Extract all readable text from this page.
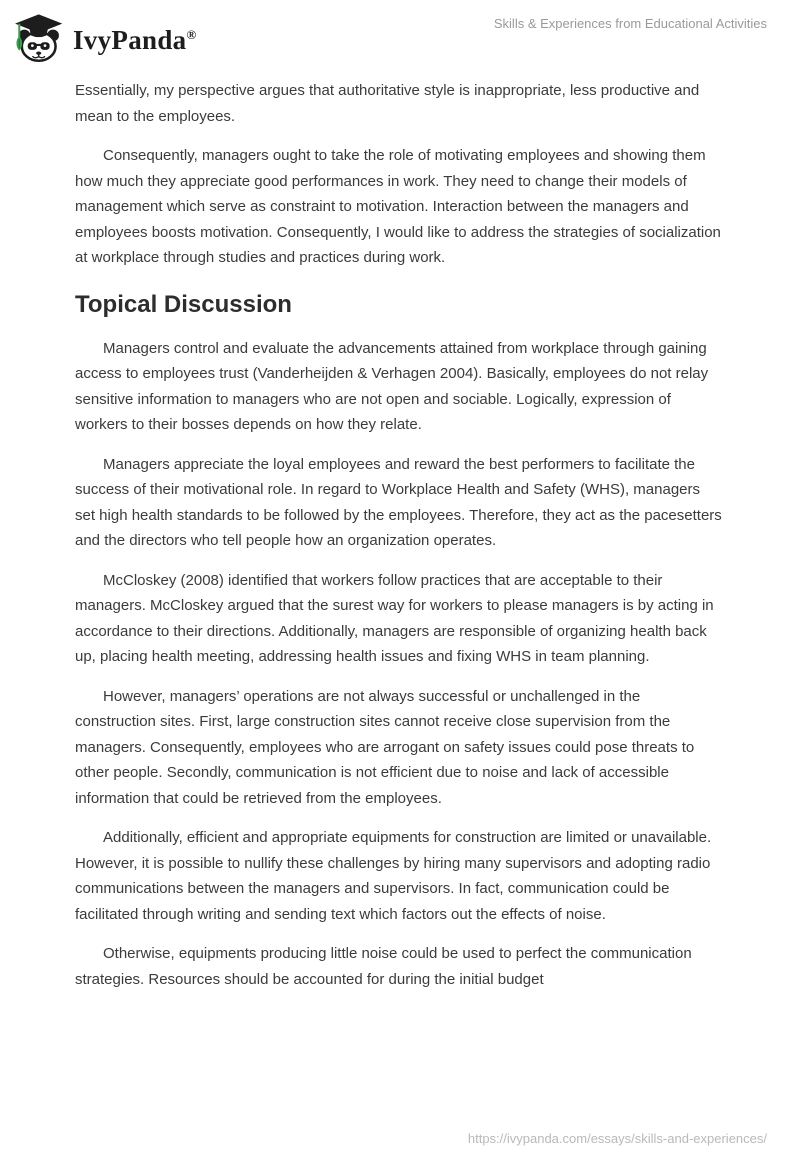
IvyPanda®
Skills & Experiences from Educational Activities

Essentially, my perspective argues that authoritative style is inappropriate, less productive and mean to the employees.

Consequently, managers ought to take the role of motivating employees and showing them how much they appreciate good performances in work. They need to change their models of management which serve as constraint to motivation. Interaction between the managers and employees boosts motivation. Consequently, I would like to address the strategies of socialization at workplace through studies and practices during work.

Topical Discussion

Managers control and evaluate the advancements attained from workplace through gaining access to employees trust (Vanderheijden & Verhagen 2004). Basically, employees do not relay sensitive information to managers who are not open and sociable. Logically, expression of workers to their bosses depends on how they relate.

Managers appreciate the loyal employees and reward the best performers to facilitate the success of their motivational role. In regard to Workplace Health and Safety (WHS), managers set high health standards to be followed by the employees. Therefore, they act as the pacesetters and the directors who tell people how an organization operates.

McCloskey (2008) identified that workers follow practices that are acceptable to their managers. McCloskey argued that the surest way for workers to please managers is by acting in accordance to their directions. Additionally, managers are responsible of organizing health back up, placing health meeting, addressing health issues and fixing WHS in team planning.

However, managers’ operations are not always successful or unchallenged in the construction sites. First, large construction sites cannot receive close supervision from the managers. Consequently, employees who are arrogant on safety issues could pose threats to other people. Secondly, communication is not efficient due to noise and lack of accessible information that could be retrieved from the employees.

Additionally, efficient and appropriate equipments for construction are limited or unavailable. However, it is possible to nullify these challenges by hiring many supervisors and adopting radio communications between the managers and supervisors. In fact, communication could be facilitated through writing and sending text which factors out the effects of noise.

Otherwise, equipments producing little noise could be used to perfect the communication strategies. Resources should be accounted for during the initial budget

https://ivypanda.com/essays/skills-and-experiences/
